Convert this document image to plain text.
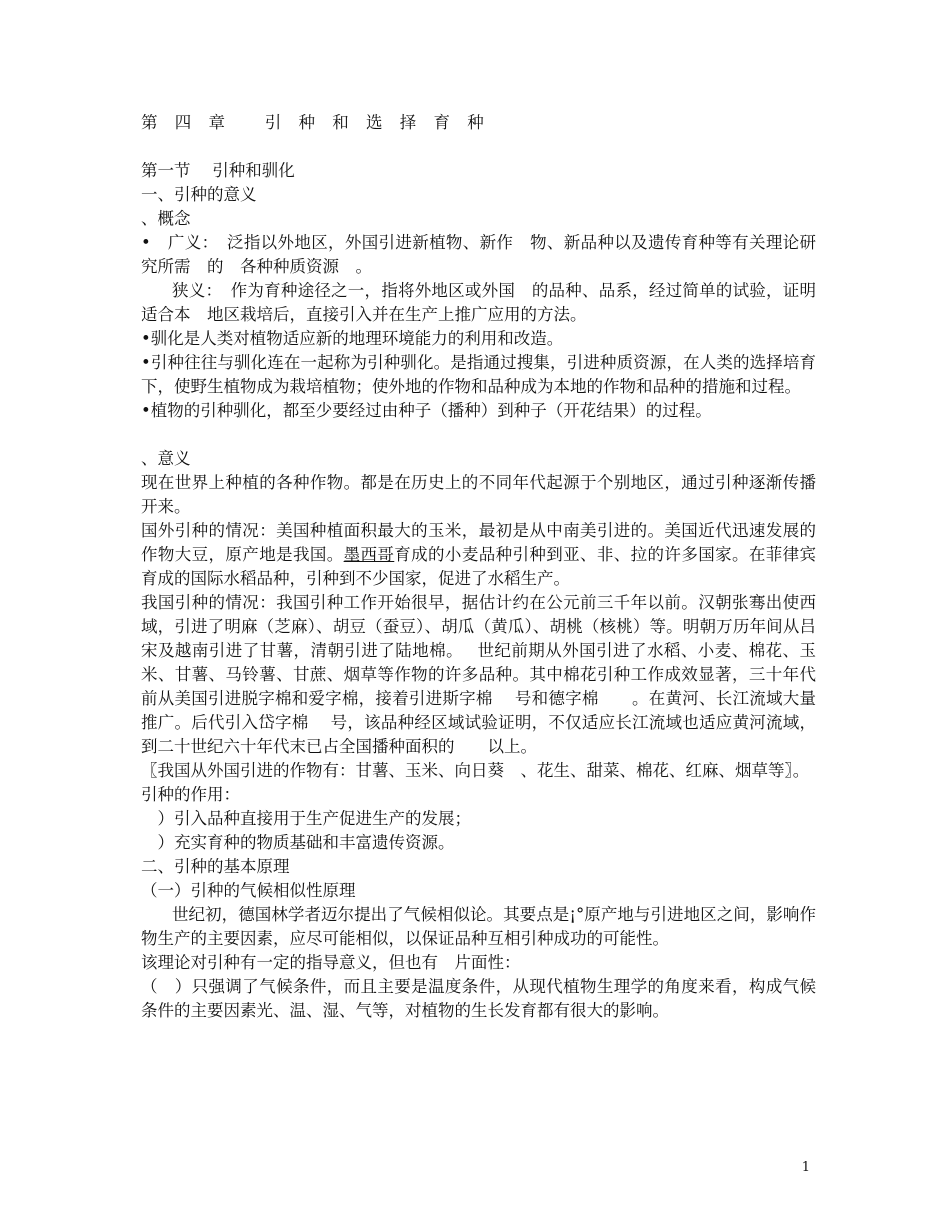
第 四 章　 引 种 和 选 择 育 种
第一节　 引种和驯化
一、引种的意义
、概念

•　广义：　泛指以外地区，外国引进新植物、新作　物、新品种以及遗传育种等有关理论研究所需　的　各种种质资源　。

狭义：　作为育种途径之一，指将外地区或外国　的品种、品系，经过简单的试验，证明适合本　地区栽培后，直接引入并在生产上推广应用的方法。

•驯化是人类对植物适应新的地理环境能力的利用和改造。

•引种往往与驯化连在一起称为引种驯化。是指通过搜集，引进种质资源，在人类的选择培育下，使野生植物成为栽培植物；使外地的作物和品种成为本地的作物和品种的措施和过程。

•植物的引种驯化，都至少要经过由种子（播种）到种子（开花结果）的过程。

、意义

现在世界上种植的各种作物。都是在历史上的不同年代起源于个别地区，通过引种逐渐传播开来。

国外引种的情况：美国种植面积最大的玉米，最初是从中南美引进的。美国近代迅速发展的作物大豆，原产地是我国。墨西哥育成的小麦品种引种到亚、非、拉的许多国家。在菲律宾育成的国际水稻品种，引种到不少国家，促进了水稻生产。

我国引种的情况：我国引种工作开始很早，据估计约在公元前三千年以前。汉朝张骞出使西域，引进了明麻（芝麻）、胡豆（蚕豆）、胡瓜（黄瓜）、胡桃（核桃）等。明朝万历年间从吕宋及越南引进了甘薯，清朝引进了陆地棉。　 世纪前期从外国引进了水稻、小麦、棉花、玉米、甘薯、马铃薯、甘蔗、烟草等作物的许多品种。其中棉花引种工作成效显著，三十年代前从美国引进脱字棉和爱字棉，接着引进斯字棉　 号和德字棉　　。在黄河、长江流域大量推广。后代引入岱字棉　 号，该品种经区域试验证明，不仅适应长江流域也适应黄河流域，到二十世纪六十年代末已占全国播种面积的　　以上。

〖我国从外国引进的作物有：甘薯、玉米、向日葵　、花生、甜菜、棉花、红麻、烟草等〗。

引种的作用：
　）引入品种直接用于生产促进生产的发展；
　）充实育种的物质基础和丰富遗传资源。
二、引种的基本原理
（一）引种的气候相似性原理

世纪初，德国林学者迈尔提出了气候相似论。其要点是¡°原产地与引进地区之间，影响作物生产的主要因素，应尽可能相似，以保证品种互相引种成功的可能性。

该理论对引种有一定的指导意义，但也有　片面性：

（　）只强调了气候条件，而且主要是温度条件，从现代植物生理学的角度来看，构成气候条件的主要因素光、温、湿、气等，对植物的生长发育都有很大的影响。

1
